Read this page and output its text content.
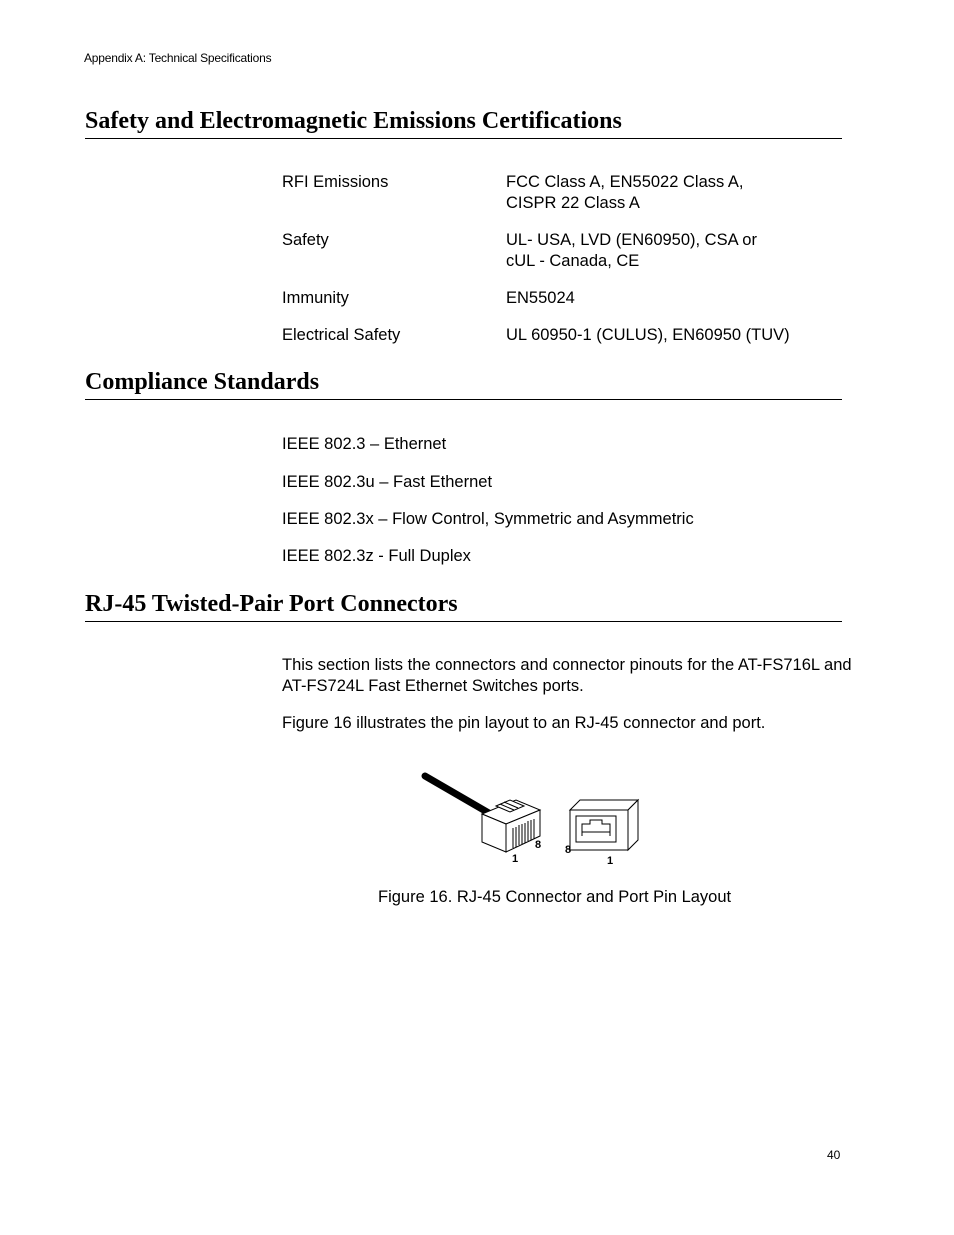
Appendix A: Technical Specifications
Safety and Electromagnetic Emissions Certifications
RFI Emissions	FCC Class A, EN55022 Class A,
CISPR 22 Class A
Safety	UL- USA, LVD (EN60950), CSA or
cUL - Canada, CE
Immunity	EN55024
Electrical Safety	UL 60950-1 (CULUS), EN60950 (TUV)
Compliance Standards
IEEE 802.3 – Ethernet
IEEE 802.3u – Fast Ethernet
IEEE 802.3x – Flow Control, Symmetric and Asymmetric
IEEE 802.3z - Full Duplex
RJ-45 Twisted-Pair Port Connectors
This section lists the connectors and connector pinouts for the AT-FS716L and AT-FS724L Fast Ethernet Switches ports.
Figure 16 illustrates the pin layout to an RJ-45 connector and port.
1
8 8
1
Figure 16. RJ-45 Connector and Port Pin Layout
40
